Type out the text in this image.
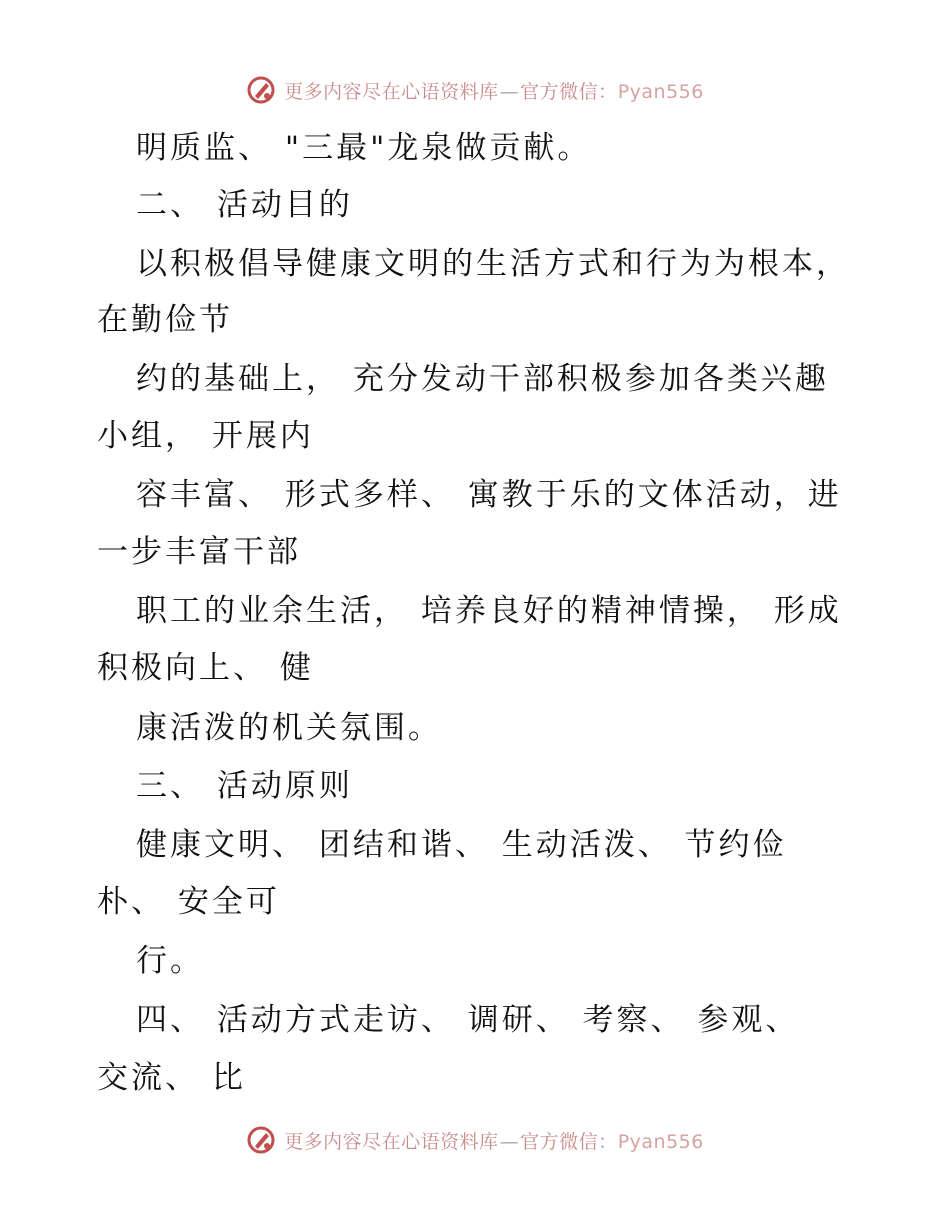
更多内容尽在心语资料库—官方微信：Pyan556
明质监、 "三最"龙泉做贡献。
二、 活动目的
以积极倡导健康文明的生活方式和行为为根本，
在勤俭节
约的基础上， 充分发动干部积极参加各类兴趣
小组， 开展内
容丰富、 形式多样、 寓教于乐的文体活动，进
一步丰富干部
职工的业余生活， 培养良好的精神情操， 形成
积极向上、 健
康活泼的机关氛围。
三、 活动原则
健康文明、 团结和谐、 生动活泼、 节约俭
朴、 安全可
行。
四、 活动方式走访、 调研、 考察、 参观、
交流、 比
更多内容尽在心语资料库—官方微信：Pyan556
